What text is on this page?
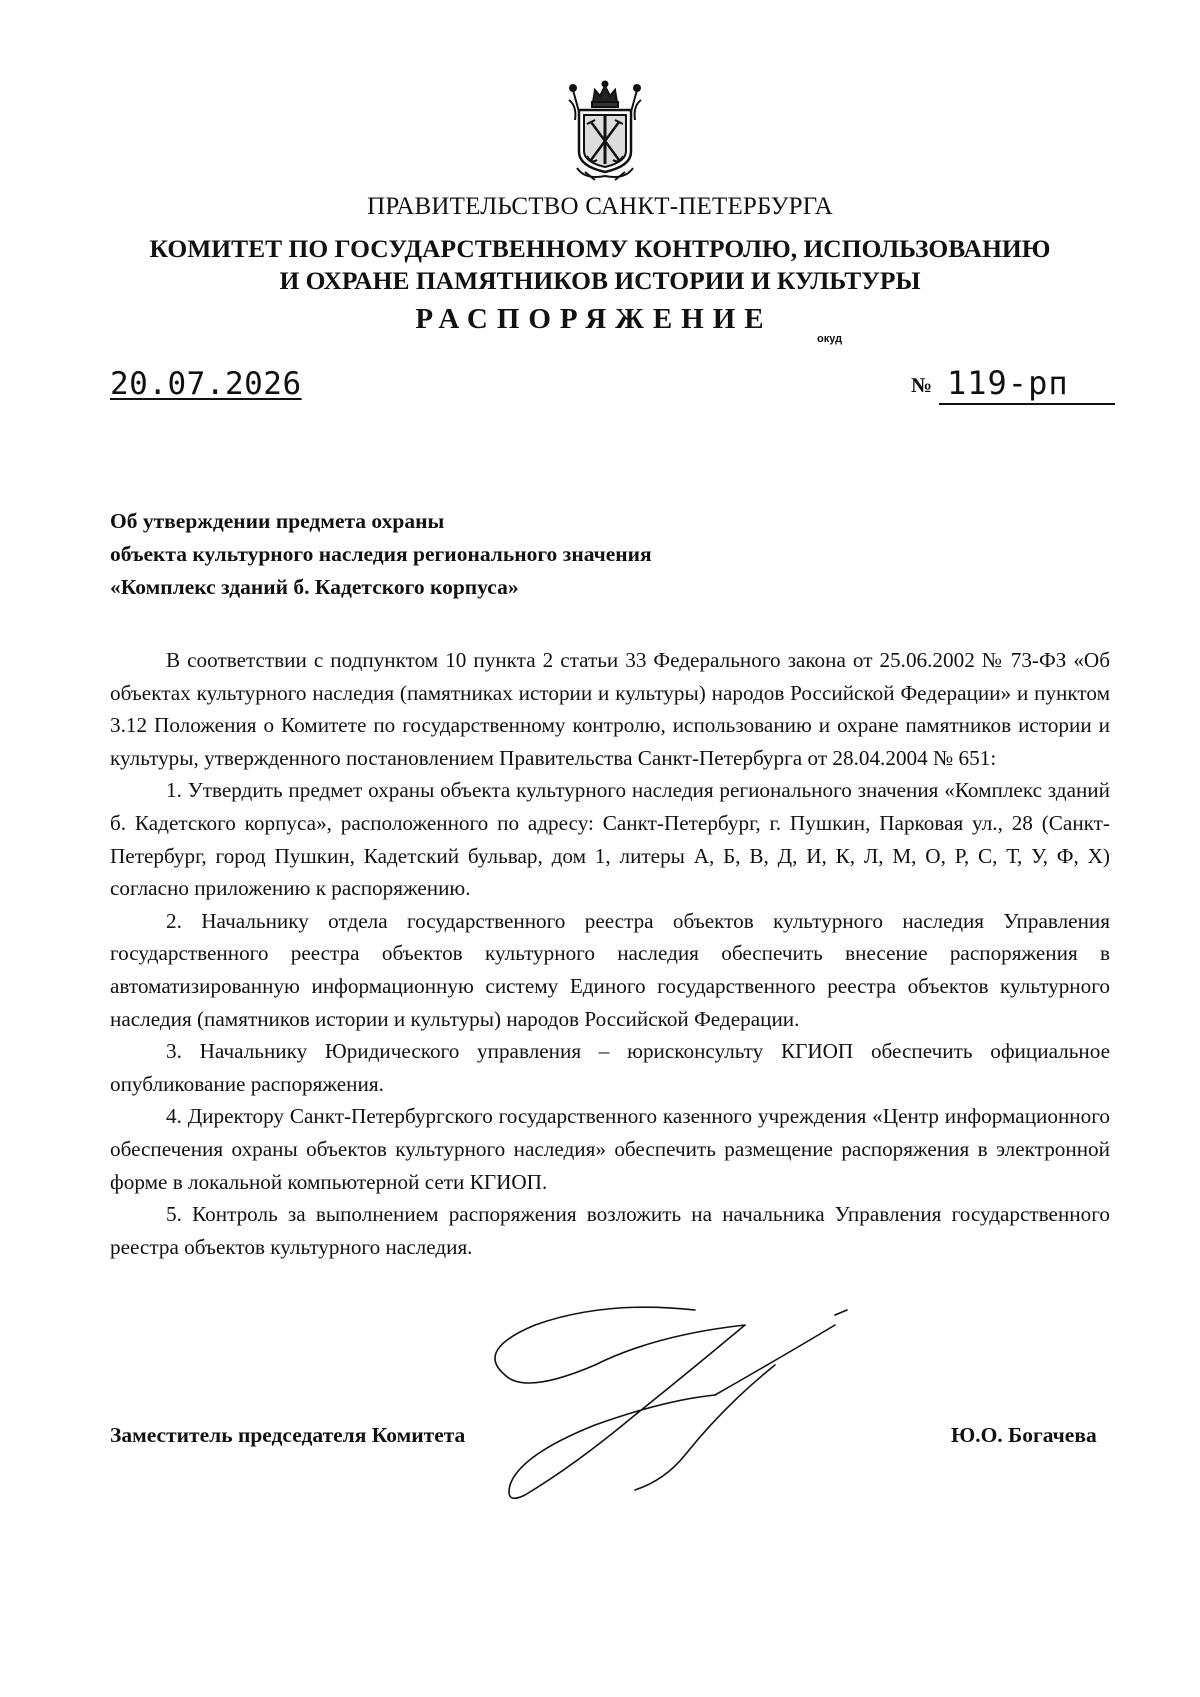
ПРАВИТЕЛЬСТВО САНКТ-ПЕТЕРБУРГА
КОМИТЕТ ПО ГОСУДАРСТВЕННОМУ КОНТРОЛЮ, ИСПОЛЬЗОВАНИЮ
И ОХРАНЕ ПАМЯТНИКОВ ИСТОРИИ И КУЛЬТУРЫ
РАСПОРЯЖЕНИЕ
окуд
20.07.2026	№ 119-рп
Об утверждении предмета охраны
объекта культурного наследия регионального значения
«Комплекс зданий б. Кадетского корпуса»

В соответствии с подпунктом 10 пункта 2 статьи 33 Федерального закона от 25.06.2002 № 73-ФЗ «Об объектах культурного наследия (памятниках истории и культуры) народов Российской Федерации» и пунктом 3.12 Положения о Комитете по государственному контролю, использованию и охране памятников истории и культуры, утвержденного постановлением Правительства Санкт-Петербурга от 28.04.2004 № 651:

1. Утвердить предмет охраны объекта культурного наследия регионального значения «Комплекс зданий б. Кадетского корпуса», расположенного по адресу: Санкт-Петербург, г. Пушкин, Парковая ул., 28 (Санкт-Петербург, город Пушкин, Кадетский бульвар, дом 1, литеры А, Б, В, Д, И, К, Л, М, О, Р, С, Т, У, Ф, Х) согласно приложению к распоряжению.

2. Начальнику отдела государственного реестра объектов культурного наследия Управления государственного реестра объектов культурного наследия обеспечить внесение распоряжения в автоматизированную информационную систему Единого государственного реестра объектов культурного наследия (памятников истории и культуры) народов Российской Федерации.

3. Начальнику Юридического управления – юрисконсульту КГИОП обеспечить официальное опубликование распоряжения.

4. Директору Санкт-Петербургского государственного казенного учреждения «Центр информационного обеспечения охраны объектов культурного наследия» обеспечить размещение распоряжения в электронной форме в локальной компьютерной сети КГИОП.

5. Контроль за выполнением распоряжения возложить на начальника Управления государственного реестра объектов культурного наследия.

Заместитель председателя Комитета	Ю.О. Богачева
